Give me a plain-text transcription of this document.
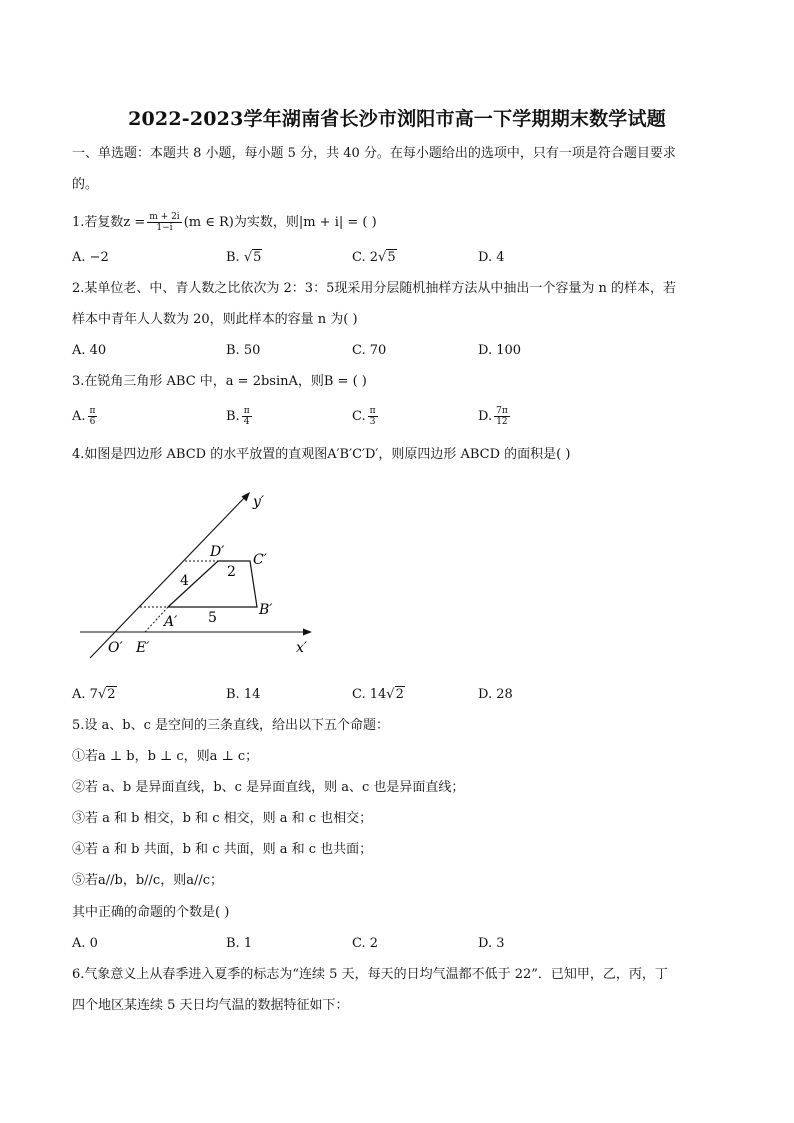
2022-2023学年湖南省长沙市浏阳市高一下学期期末数学试题
一、单选题：本题共 8 小题，每小题 5 分，共 40 分。在每小题给出的选项中，只有一项是符合题目要求
的。
1.若复数$z = \frac{m + 2i}{1-i} (m$ ∈ R)为实数，则|m + i| = ( )
A. −2	B. √5	C. 2√5	D. 4
2.某单位老、中、青人数之比依次为 2：3：5现采用分层随机抽样方法从中抽出一个容量为 n 的样本，若
样本中青年人人数为 20，则此样本的容量 n 为( )
A. 40	B. 50	C. 70	D. 100
3.在锐角三角形 ABC 中，a = 2bsinA，则B = ( )
A. $\frac{\pi}{6}$	B. $\frac{\pi}{4}$	C. $\frac{\pi}{3}$	D. $\frac{7\pi}{12}$
4.如图是四边形 ABCD 的水平放置的直观图A′B′C′D′，则原四边形 ABCD 的面积是( )
y′
x′
O′ E′
A′
B′
C′
D′
4
2
5
A. 7√2	B. 14	C. 14√2	D. 28
5.设 a、b、c 是空间的三条直线，给出以下五个命题：
①若a ⊥ b，b ⊥ c，则a ⊥ c；
②若 a、b 是异面直线，b、c 是异面直线，则 a、c 也是异面直线；
③若 a 和 b 相交，b 和 c 相交，则 a 和 c 也相交；
④若 a 和 b 共面，b 和 c 共面，则 a 和 c 也共面；
⑤若a//b，b//c，则a//c；
其中正确的命题的个数是( )
A. 0	B. 1	C. 2	D. 3
6.气象意义上从春季进入夏季的标志为“连续 5 天，每天的日均气温都不低于 22”．已知甲，乙，丙，丁
四个地区某连续 5 天日均气温的数据特征如下：
